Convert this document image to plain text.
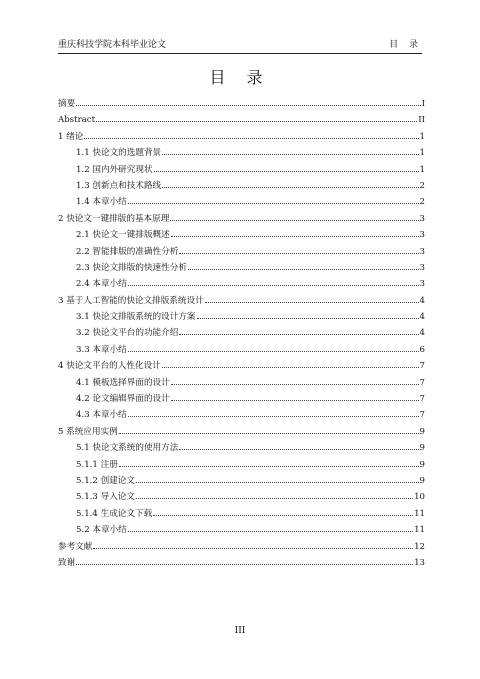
重庆科技学院本科毕业论文	目 录
目 录
摘要	I
Abstract	II
1 绪论	1
1.1 快论文的选题背景	1
1.2 国内外研究现状	1
1.3 创新点和技术路线	2
1.4 本章小结	2
2 快论文一键排版的基本原理	3
2.1 快论文一键排版概述	3
2.2 智能排版的准确性分析	3
2.3 快论文排版的快速性分析	3
2.4 本章小结	3
3 基于人工智能的快论文排版系统设计	4
3.1 快论文排版系统的设计方案	4
3.2 快论文平台的功能介绍	4
3.3 本章小结	6
4 快论文平台的人性化设计	7
4.1 模板选择界面的设计	7
4.2 论文编辑界面的设计	7
4.3 本章小结	7
5 系统应用实例	9
5.1 快论文系统的使用方法	9
5.1.1 注册	9
5.1.2 创建论文	9
5.1.3 导入论文	10
5.1.4 生成论文下载	11
5.2 本章小结	11
参考文献	12
致谢	13
III
